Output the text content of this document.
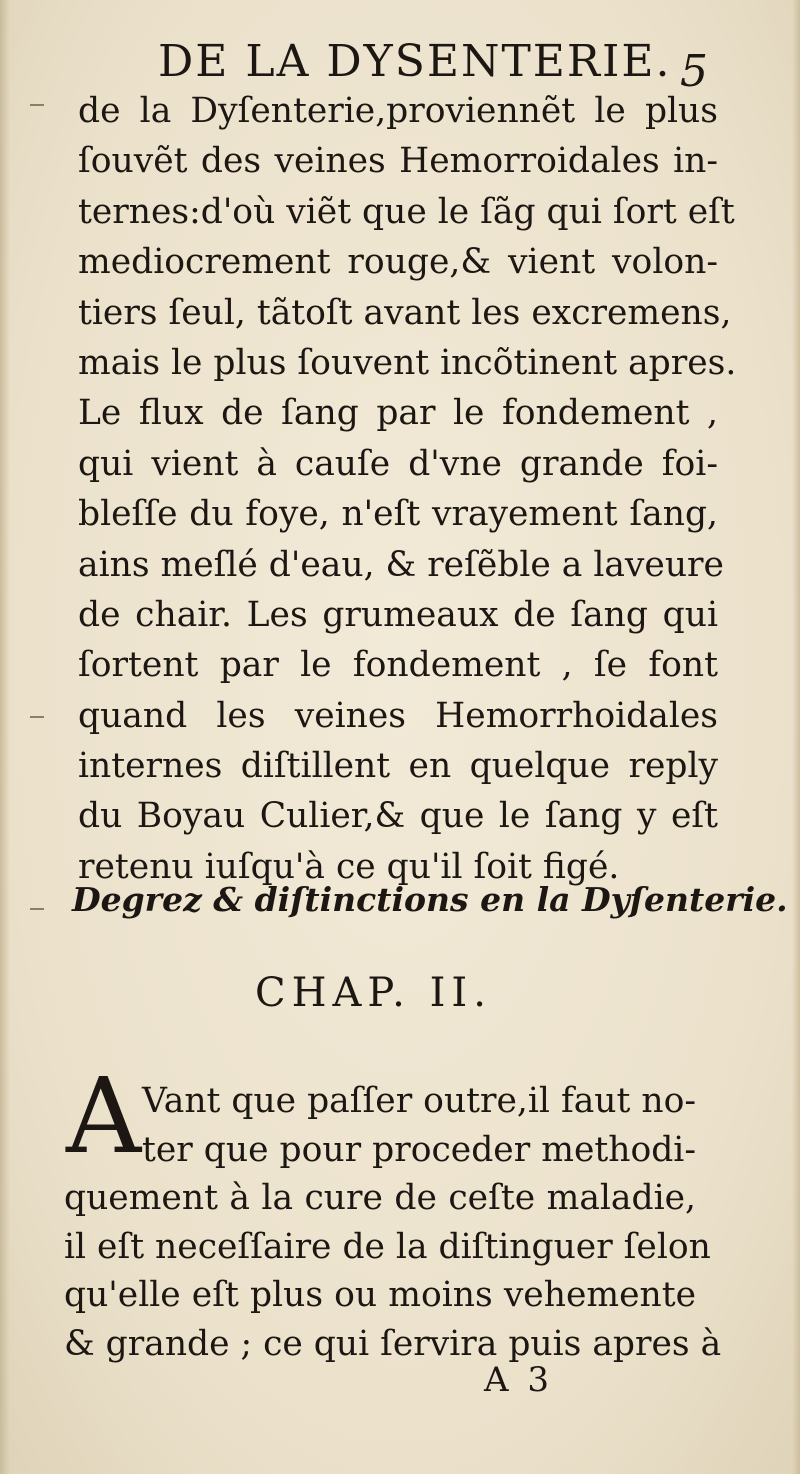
DE LA DYSENTERIE. 5
de la Dyſenterie,proviennẽt le plus
ſouvẽt des veines Hemorroidales in-
ternes:d'où viẽt que le ſãg qui ſort eſt
mediocrement rouge,& vient volon-
tiers ſeul, tãtoſt avant les excremens,
mais le plus ſouvent incõtinent apres.
Le flux de ſang par le fondement ,
qui vient à cauſe d'vne grande foi-
bleſſe du foye, n'eſt vrayement ſang,
ains meſlé d'eau, & reſẽble a laveure
de chair. Les grumeaux de ſang qui
ſortent par le fondement , ſe font
quand les veines Hemorrhoidales
internes diſtillent en quelque reply
du Boyau Culier,& que le ſang y eſt
retenu iuſqu'à ce qu'il ſoit figé.
Degrez & diſtinctions en la Dyſenterie.
CHAP. II.
A Vant que paſſer outre,il faut no-
ter que pour proceder methodi-
quement à la cure de ceſte maladie,
il eſt neceſſaire de la diſtinguer ſelon
qu'elle eſt plus ou moins vehemente
& grande ; ce qui ſervira puis apres à
A 3
